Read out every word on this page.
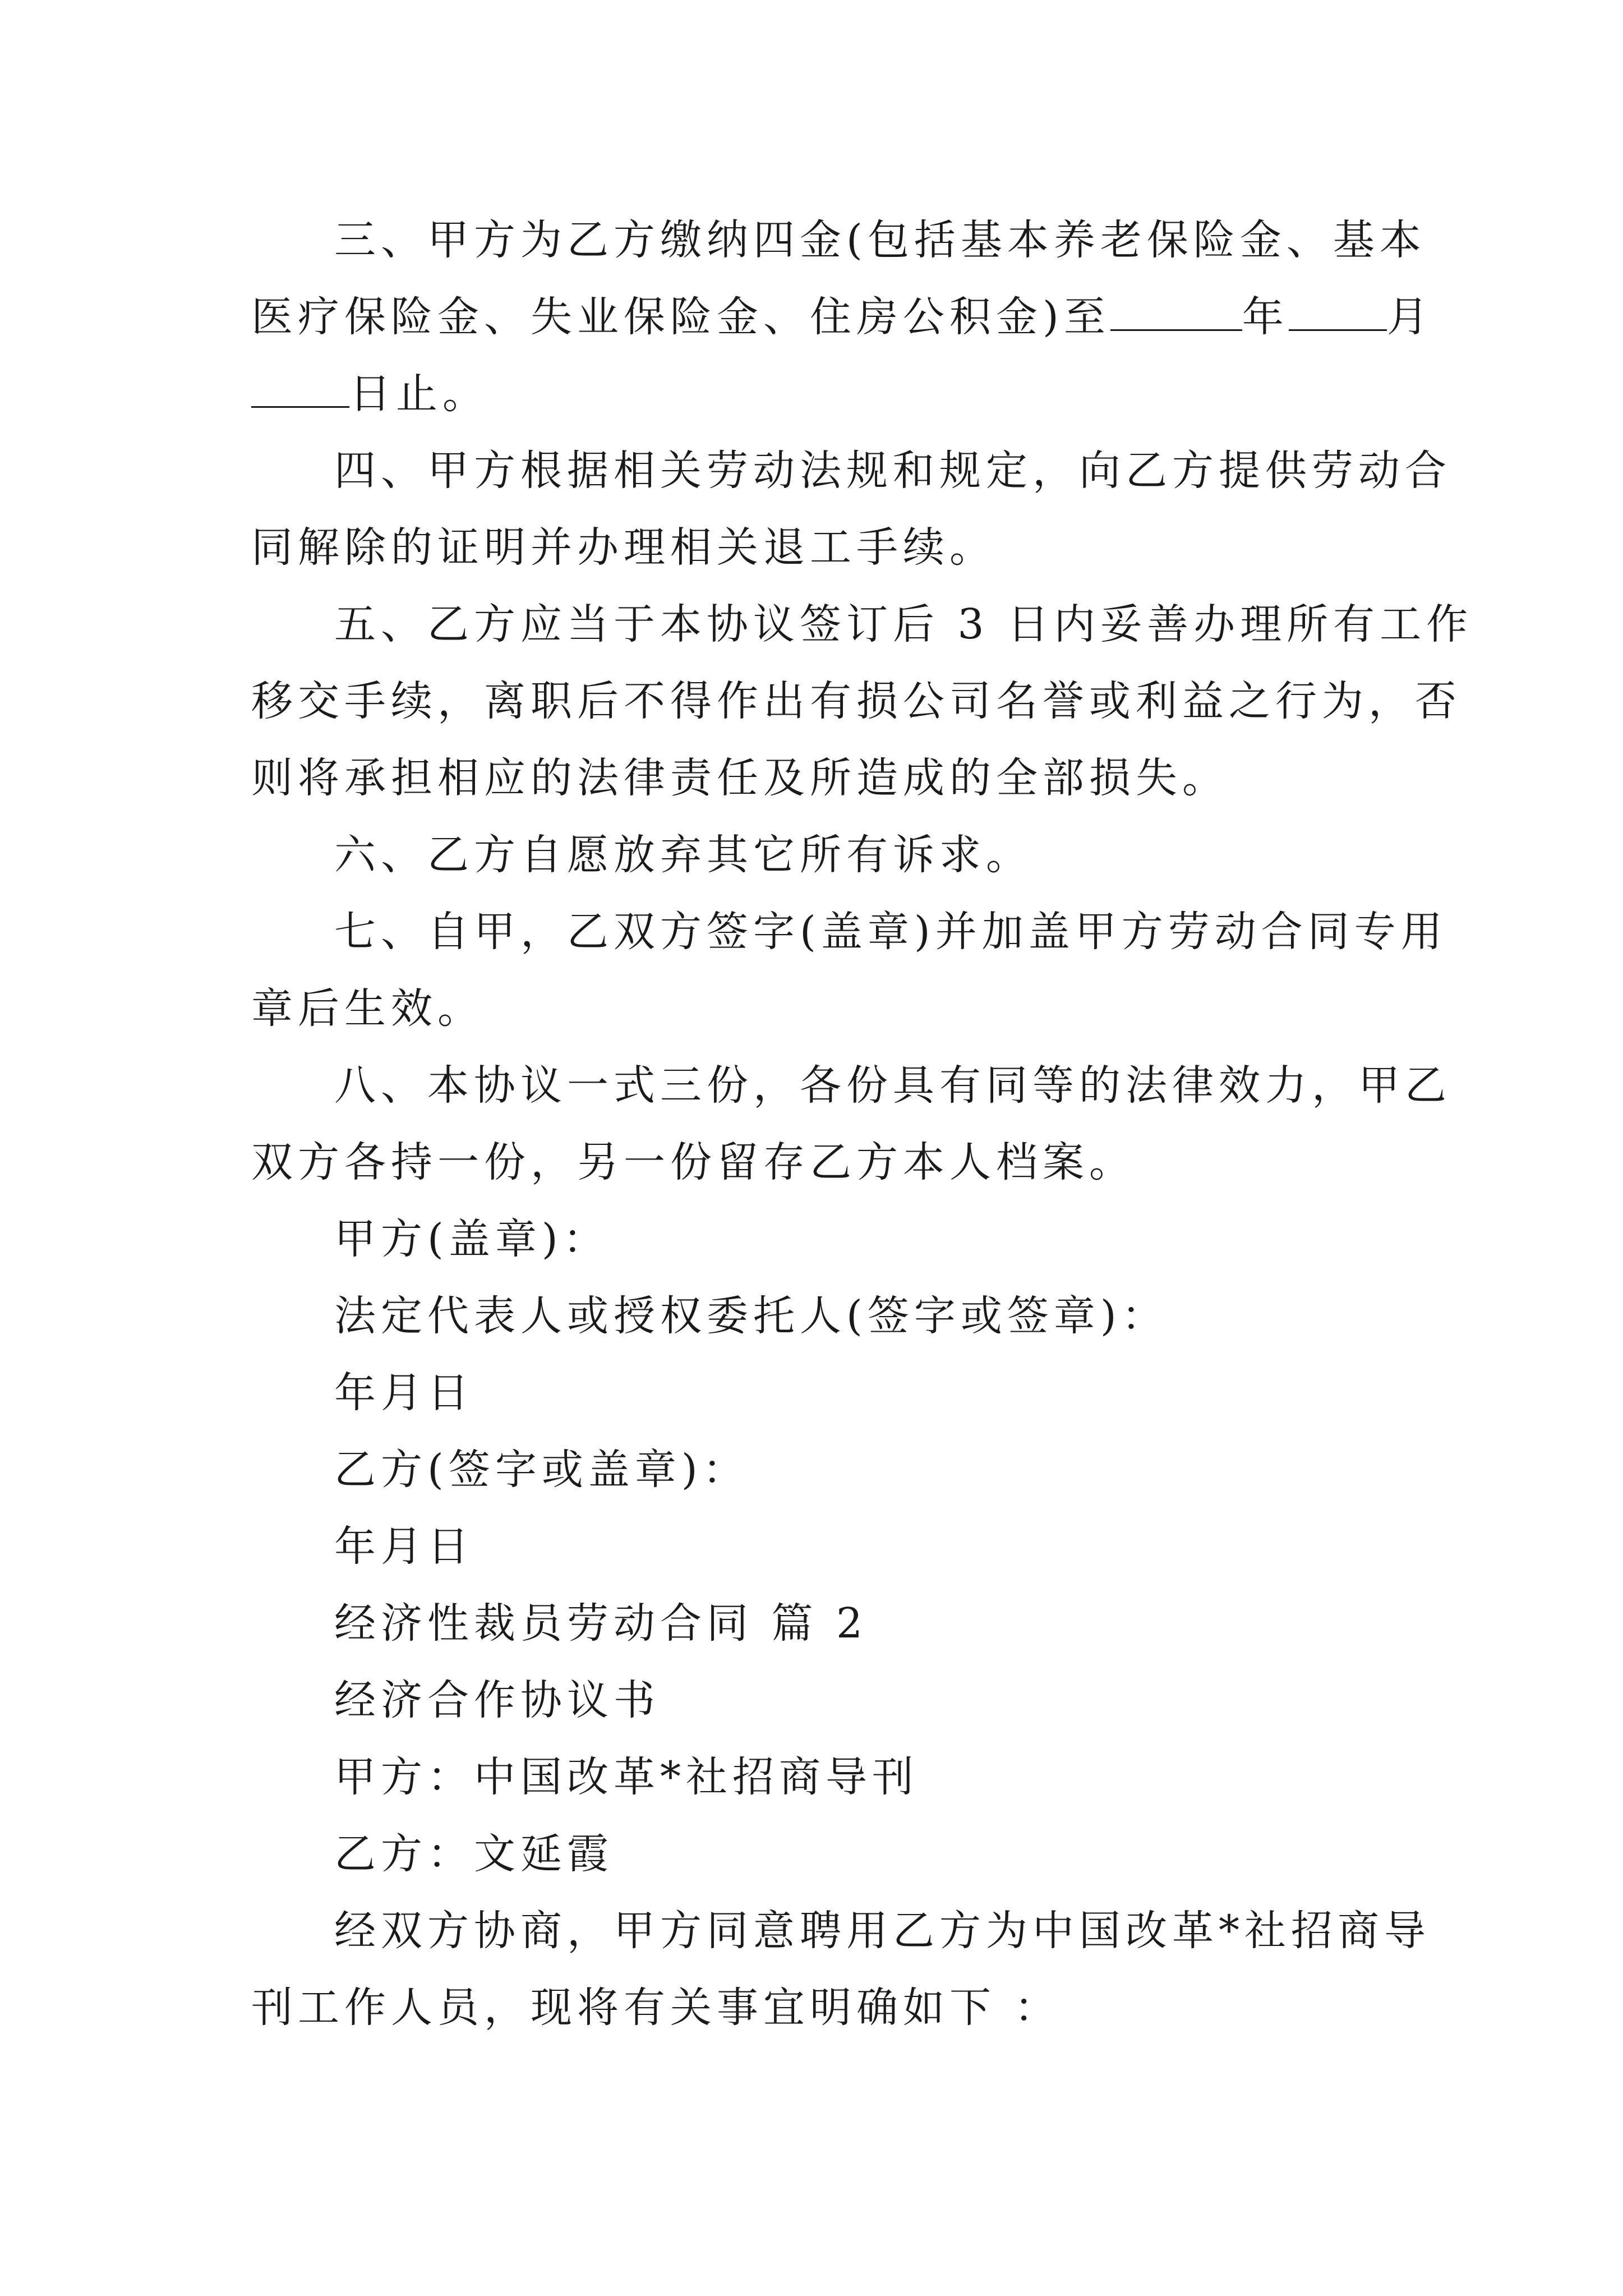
三、甲方为乙方缴纳四金(包括基本养老保险金、基本

医疗保险金、失业保险金、住房公积金)至	年 月

日止。

四、甲方根据相关劳动法规和规定，向乙方提供劳动合

同解除的证明并办理相关退工手续。

五、乙方应当于本协议签订后 3 日内妥善办理所有工作

移交手续，离职后不得作出有损公司名誉或利益之行为，否

则将承担相应的法律责任及所造成的全部损失。

六、乙方自愿放弃其它所有诉求。

七、自甲，乙双方签字(盖章)并加盖甲方劳动合同专用

章后生效。

八、本协议一式三份，各份具有同等的法律效力，甲乙

双方各持一份，另一份留存乙方本人档案。

甲方(盖章)：

法定代表人或授权委托人(签字或签章)：

年月日

乙方(签字或盖章)：

年月日

经济性裁员劳动合同 篇 2

经济合作协议书

甲方：中国改革*社招商导刊

乙方：文延霞

经双方协商，甲方同意聘用乙方为中国改革*社招商导

刊工作人员，现将有关事宜明确如下 ：
